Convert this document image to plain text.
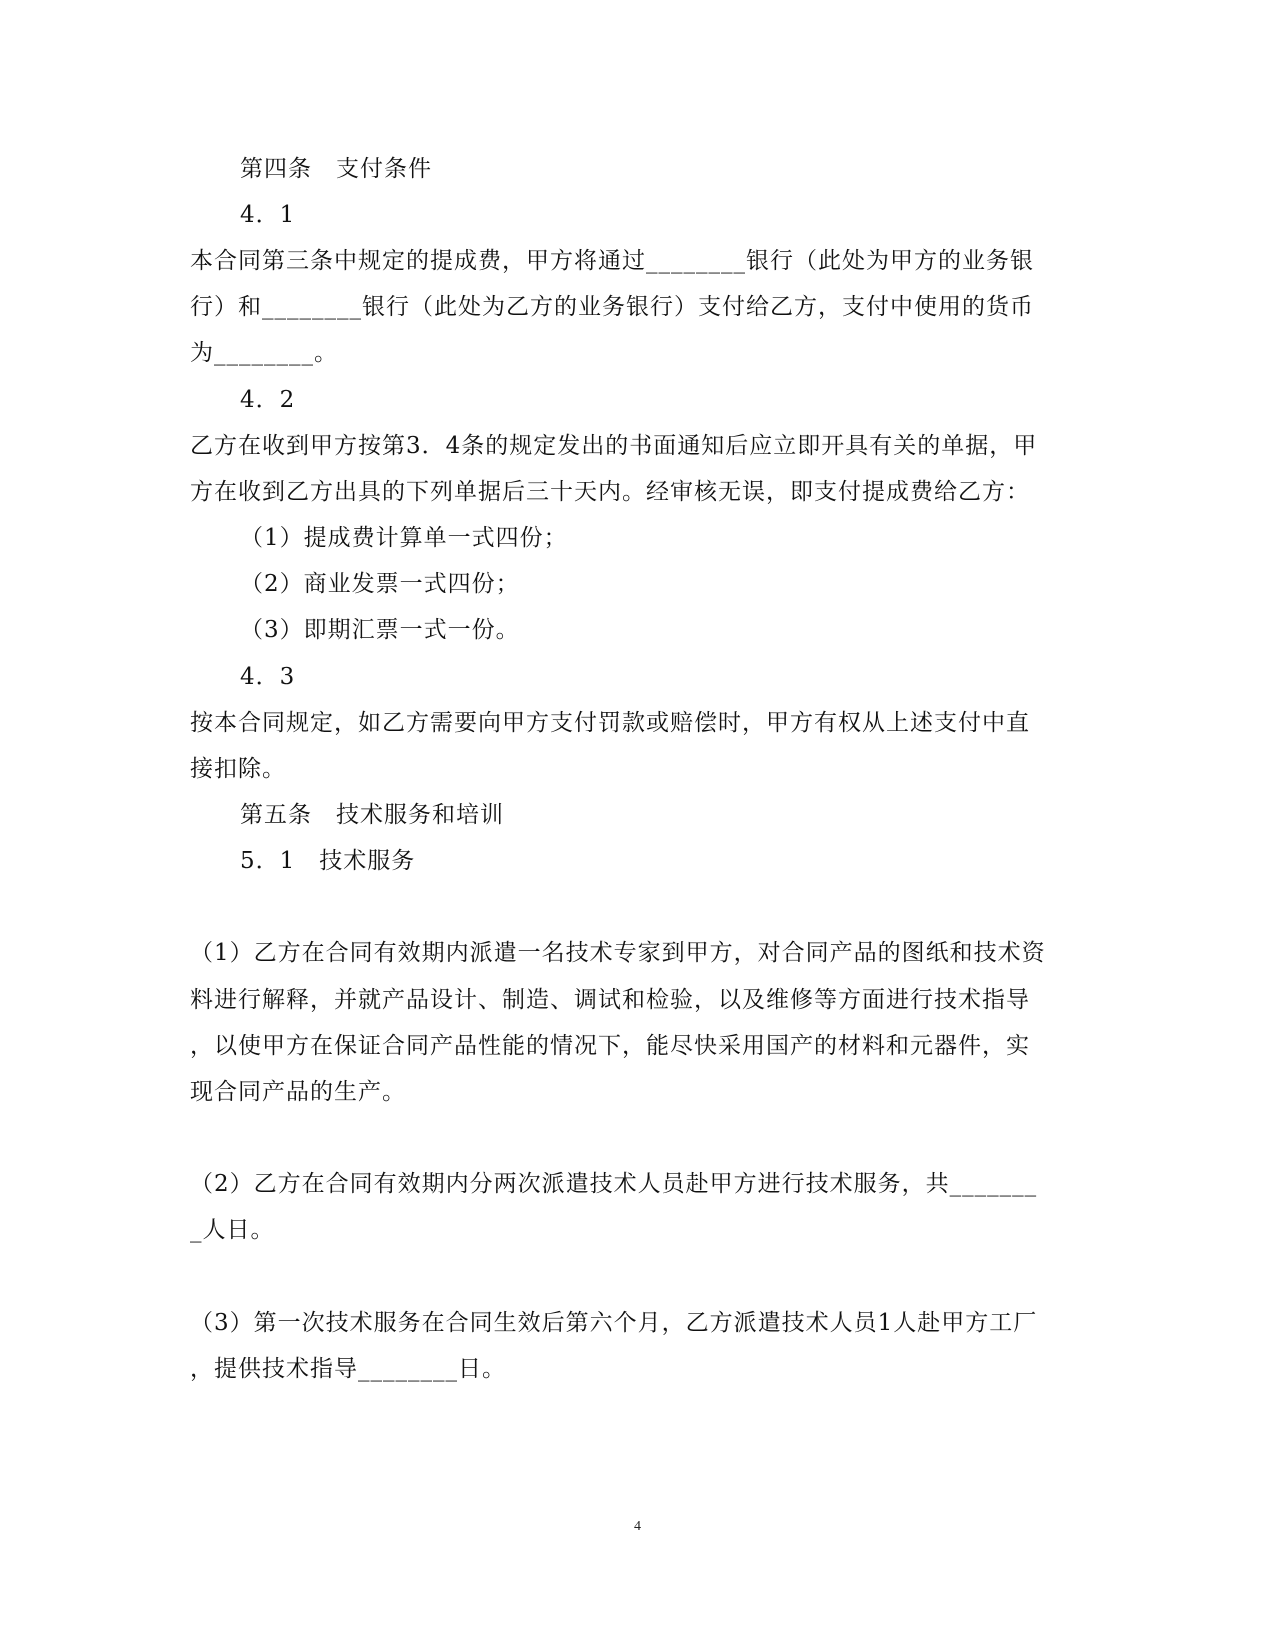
第四条　支付条件
4．1
本合同第三条中规定的提成费，甲方将通过________银行（此处为甲方的业务银
行）和________银行（此处为乙方的业务银行）支付给乙方，支付中使用的货币
为________。
4．2
乙方在收到甲方按第3．4条的规定发出的书面通知后应立即开具有关的单据，甲
方在收到乙方出具的下列单据后三十天内。经审核无误，即支付提成费给乙方：
（1）提成费计算单一式四份；
（2）商业发票一式四份；
（3）即期汇票一式一份。
4．3
按本合同规定，如乙方需要向甲方支付罚款或赔偿时，甲方有权从上述支付中直
接扣除。
第五条　技术服务和培训
5．1　技术服务
（1）乙方在合同有效期内派遣一名技术专家到甲方，对合同产品的图纸和技术资
料进行解释，并就产品设计、制造、调试和检验，以及维修等方面进行技术指导
，以使甲方在保证合同产品性能的情况下，能尽快采用国产的材料和元器件，实
现合同产品的生产。
（2）乙方在合同有效期内分两次派遣技术人员赴甲方进行技术服务，共_______
_人日。
（3）第一次技术服务在合同生效后第六个月，乙方派遣技术人员1人赴甲方工厂
，提供技术指导________日。
4
